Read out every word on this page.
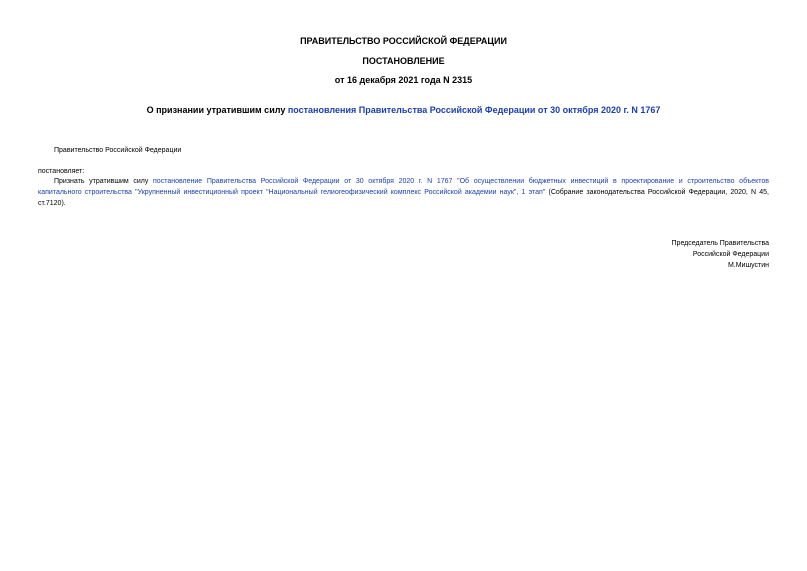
ПРАВИТЕЛЬСТВО РОССИЙСКОЙ ФЕДЕРАЦИИ
ПОСТАНОВЛЕНИЕ
от 16 декабря 2021 года N 2315
О признании утратившим силу постановления Правительства Российской Федерации от 30 октября 2020 г. N 1767
Правительство Российской Федерации
постановляет:
Признать утратившим силу постановление Правительства Российской Федерации от 30 октября 2020 г. N 1767 "Об осуществлении бюджетных инвестиций в проектирование и строительство объектов
капитального строительства "Укрупненный инвестиционный проект "Национальный гелиогеофизический комплекс Российской академии наук", 1 этап" (Собрание законодательства Российской Федерации, 2020, N 45,
ст.7120).
Председатель Правительства
Российской Федерации
М.Мишустин
